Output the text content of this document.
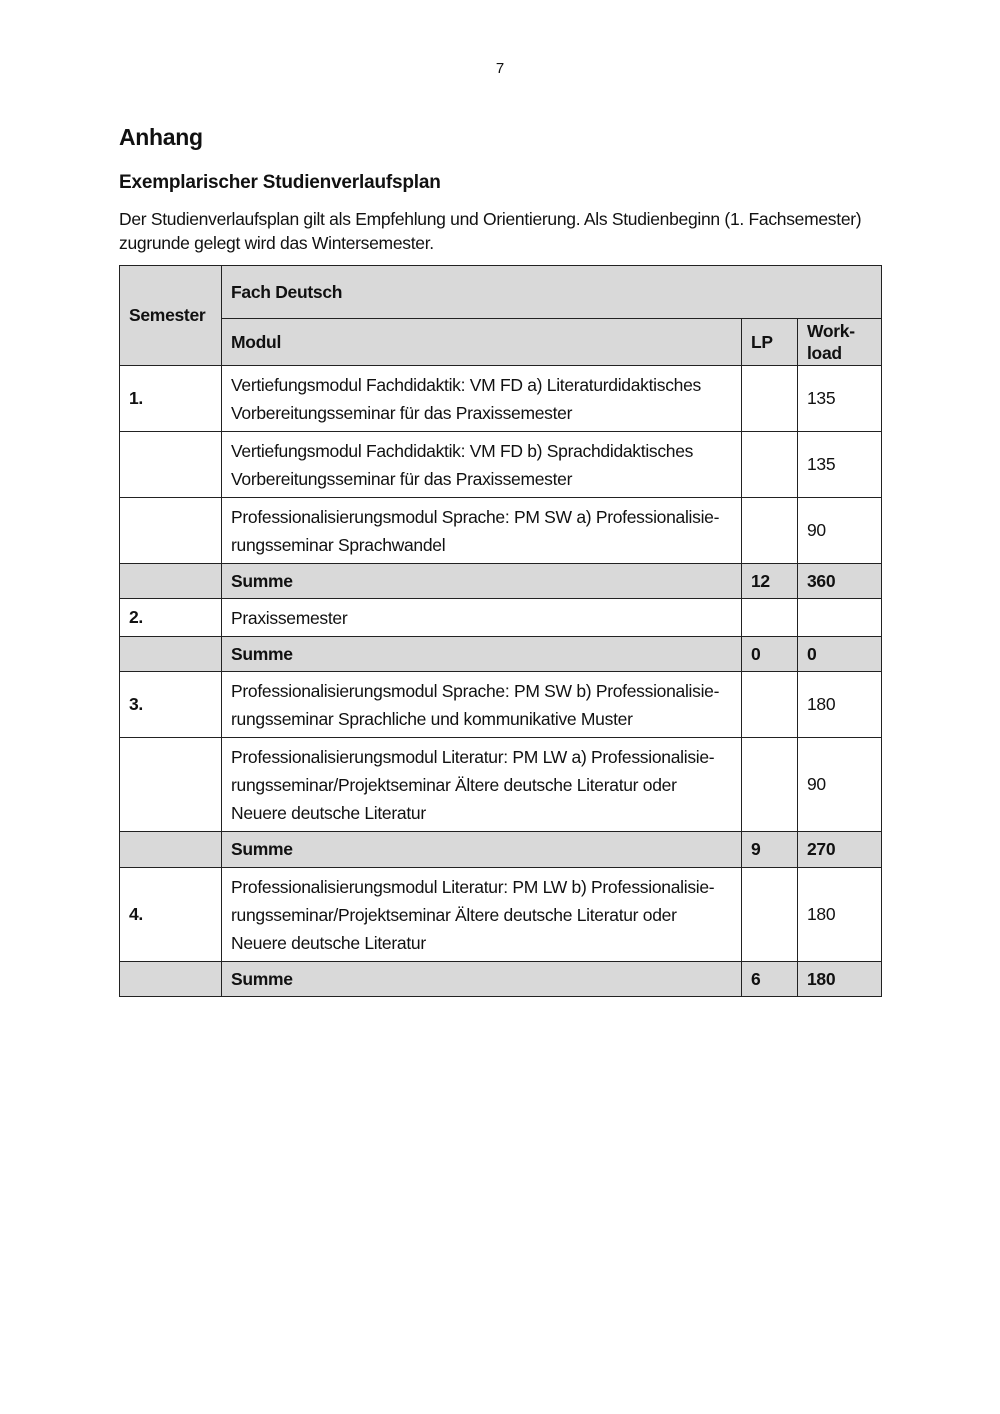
7
Anhang
Exemplarischer Studienverlaufsplan
Der Studienverlaufsplan gilt als Empfehlung und Orientierung. Als Studienbeginn (1. Fachsemester) zugrunde gelegt wird das Wintersemester.
Semester	Fach Deutsch		
	Modul	LP	Work-
load
1.	Vertiefungsmodul Fachdidaktik: VM FD a) Literaturdidaktisches Vorbereitungsseminar für das Praxissemester		135
	Vertiefungsmodul Fachdidaktik: VM FD b) Sprachdidaktisches Vorbereitungsseminar für das Praxissemester		135
	Professionalisierungsmodul Sprache: PM SW a) Professionalisie-rungsseminar Sprachwandel		90
	Summe	12	360
2.	Praxissemester		
	Summe	0	0
3.	Professionalisierungsmodul Sprache: PM SW b) Professionalisie-rungsseminar Sprachliche und kommunikative Muster		180
	Professionalisierungsmodul Literatur: PM LW a) Professionalisie-rungsseminar/Projektseminar Ältere deutsche Literatur oder Neuere deutsche Literatur		90
	Summe	9	270
4.	Professionalisierungsmodul Literatur: PM LW b) Professionalisie-rungsseminar/Projektseminar Ältere deutsche Literatur oder Neuere deutsche Literatur		180
	Summe	6	180
